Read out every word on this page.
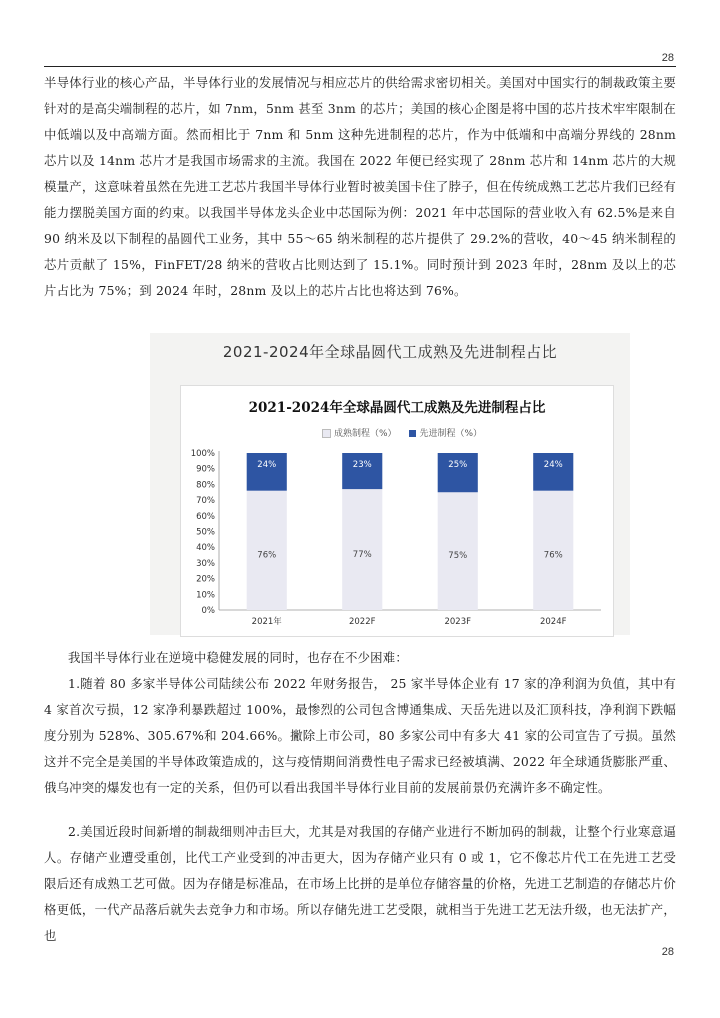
28

半导体行业的核心产品，半导体行业的发展情况与相应芯片的供给需求密切相关。美国对中国实行的制裁政策主要针对的是高尖端制程的芯片，如 7nm，5nm 甚至 3nm 的芯片；美国的核心企图是将中国的芯片技术牢牢限制在中低端以及中高端方面。然而相比于 7nm 和 5nm 这种先进制程的芯片，作为中低端和中高端分界线的 28nm 芯片以及 14nm 芯片才是我国市场需求的主流。我国在 2022 年便已经实现了 28nm 芯片和 14nm 芯片的大规模量产，这意味着虽然在先进工艺芯片我国半导体行业暂时被美国卡住了脖子，但在传统成熟工艺芯片我们已经有能力摆脱美国方面的约束。以我国半导体龙头企业中芯国际为例：2021 年中芯国际的营业收入有 62.5%是来自 90 纳米及以下制程的晶圆代工业务，其中 55～65 纳米制程的芯片提供了 29.2%的营收，40～45 纳米制程的芯片贡献了 15%，FinFET/28 纳米的营收占比则达到了 15.1%。同时预计到 2023 年时，28nm 及以上的芯片占比为 75%；到 2024 年时，28nm 及以上的芯片占比也将达到 76%。

2021-2024年全球晶圆代工成熟及先进制程占比
2021-2024年全球晶圆代工成熟及先进制程占比
成熟制程（%）	先进制程（%）
0%
10%
20%
30%
40%
50%
60%
70%
80%
90%
100%
76%
24%
2021年
77%
23%
2022F
75%
25%
2023F
76%
24%
2024F

我国半导体行业在逆境中稳健发展的同时，也存在不少困难：

1.随着 80 多家半导体公司陆续公布 2022 年财务报告， 25 家半导体企业有 17 家的净利润为负值，其中有 4 家首次亏损，12 家净利暴跌超过 100%，最惨烈的公司包含博通集成、天岳先进以及汇顶科技，净利润下跌幅度分别为 528%、305.67%和 204.66%。撇除上市公司，80 多家公司中有多大 41 家的公司宣告了亏损。虽然这并不完全是美国的半导体政策造成的，这与疫情期间消费性电子需求已经被填满、2022 年全球通货膨胀严重、俄乌冲突的爆发也有一定的关系，但仍可以看出我国半导体行业目前的发展前景仍充满许多不确定性。

2.美国近段时间新增的制裁细则冲击巨大，尤其是对我国的存储产业进行不断加码的制裁，让整个行业寒意逼人。存储产业遭受重创，比代工产业受到的冲击更大，因为存储产业只有 0 或 1，它不像芯片代工在先进工艺受限后还有成熟工艺可做。因为存储是标准品，在市场上比拼的是单位存储容量的价格，先进工艺制造的存储芯片价格更低，一代产品落后就失去竞争力和市场。所以存储先进工艺受限，就相当于先进工艺无法升级，也无法扩产，也

28
